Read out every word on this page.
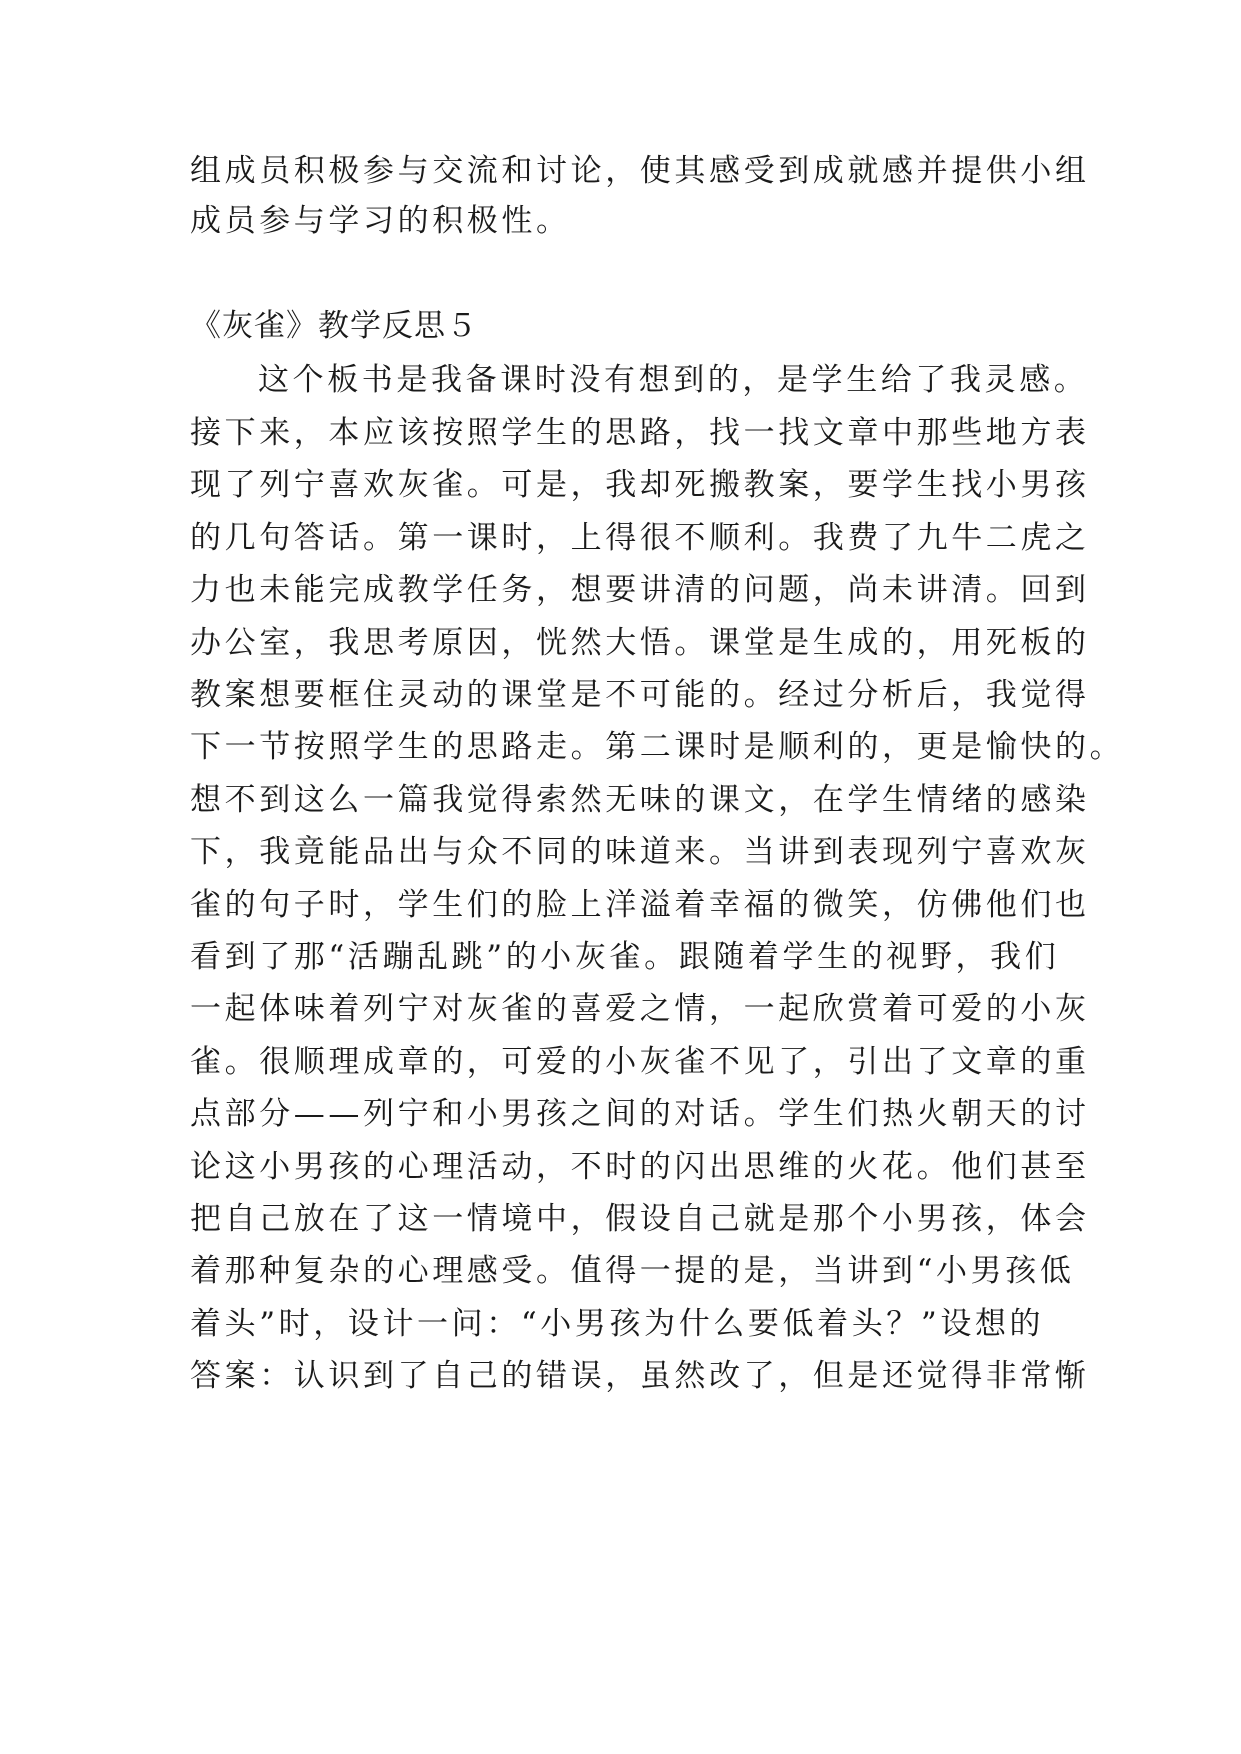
组成员积极参与交流和讨论，使其感受到成就感并提供小组
成员参与学习的积极性。
《灰雀》教学反思５
这个板书是我备课时没有想到的，是学生给了我灵感。
接下来，本应该按照学生的思路，找一找文章中那些地方表
现了列宁喜欢灰雀。可是，我却死搬教案，要学生找小男孩
的几句答话。第一课时，上得很不顺利。我费了九牛二虎之
力也未能完成教学任务，想要讲清的问题，尚未讲清。回到
办公室，我思考原因，恍然大悟。课堂是生成的，用死板的
教案想要框住灵动的课堂是不可能的。经过分析后，我觉得
下一节按照学生的思路走。第二课时是顺利的，更是愉快的。
想不到这么一篇我觉得索然无味的课文，在学生情绪的感染
下，我竟能品出与众不同的味道来。当讲到表现列宁喜欢灰
雀的句子时，学生们的脸上洋溢着幸福的微笑，仿佛他们也
看到了那“活蹦乱跳”的小灰雀。跟随着学生的视野，我们
一起体味着列宁对灰雀的喜爱之情，一起欣赏着可爱的小灰
雀。很顺理成章的，可爱的小灰雀不见了，引出了文章的重
点部分——列宁和小男孩之间的对话。学生们热火朝天的讨
论这小男孩的心理活动，不时的闪出思维的火花。他们甚至
把自己放在了这一情境中，假设自己就是那个小男孩，体会
着那种复杂的心理感受。值得一提的是，当讲到“小男孩低
着头”时，设计一问：“小男孩为什么要低着头？”设想的
答案：认识到了自己的错误，虽然改了，但是还觉得非常惭
